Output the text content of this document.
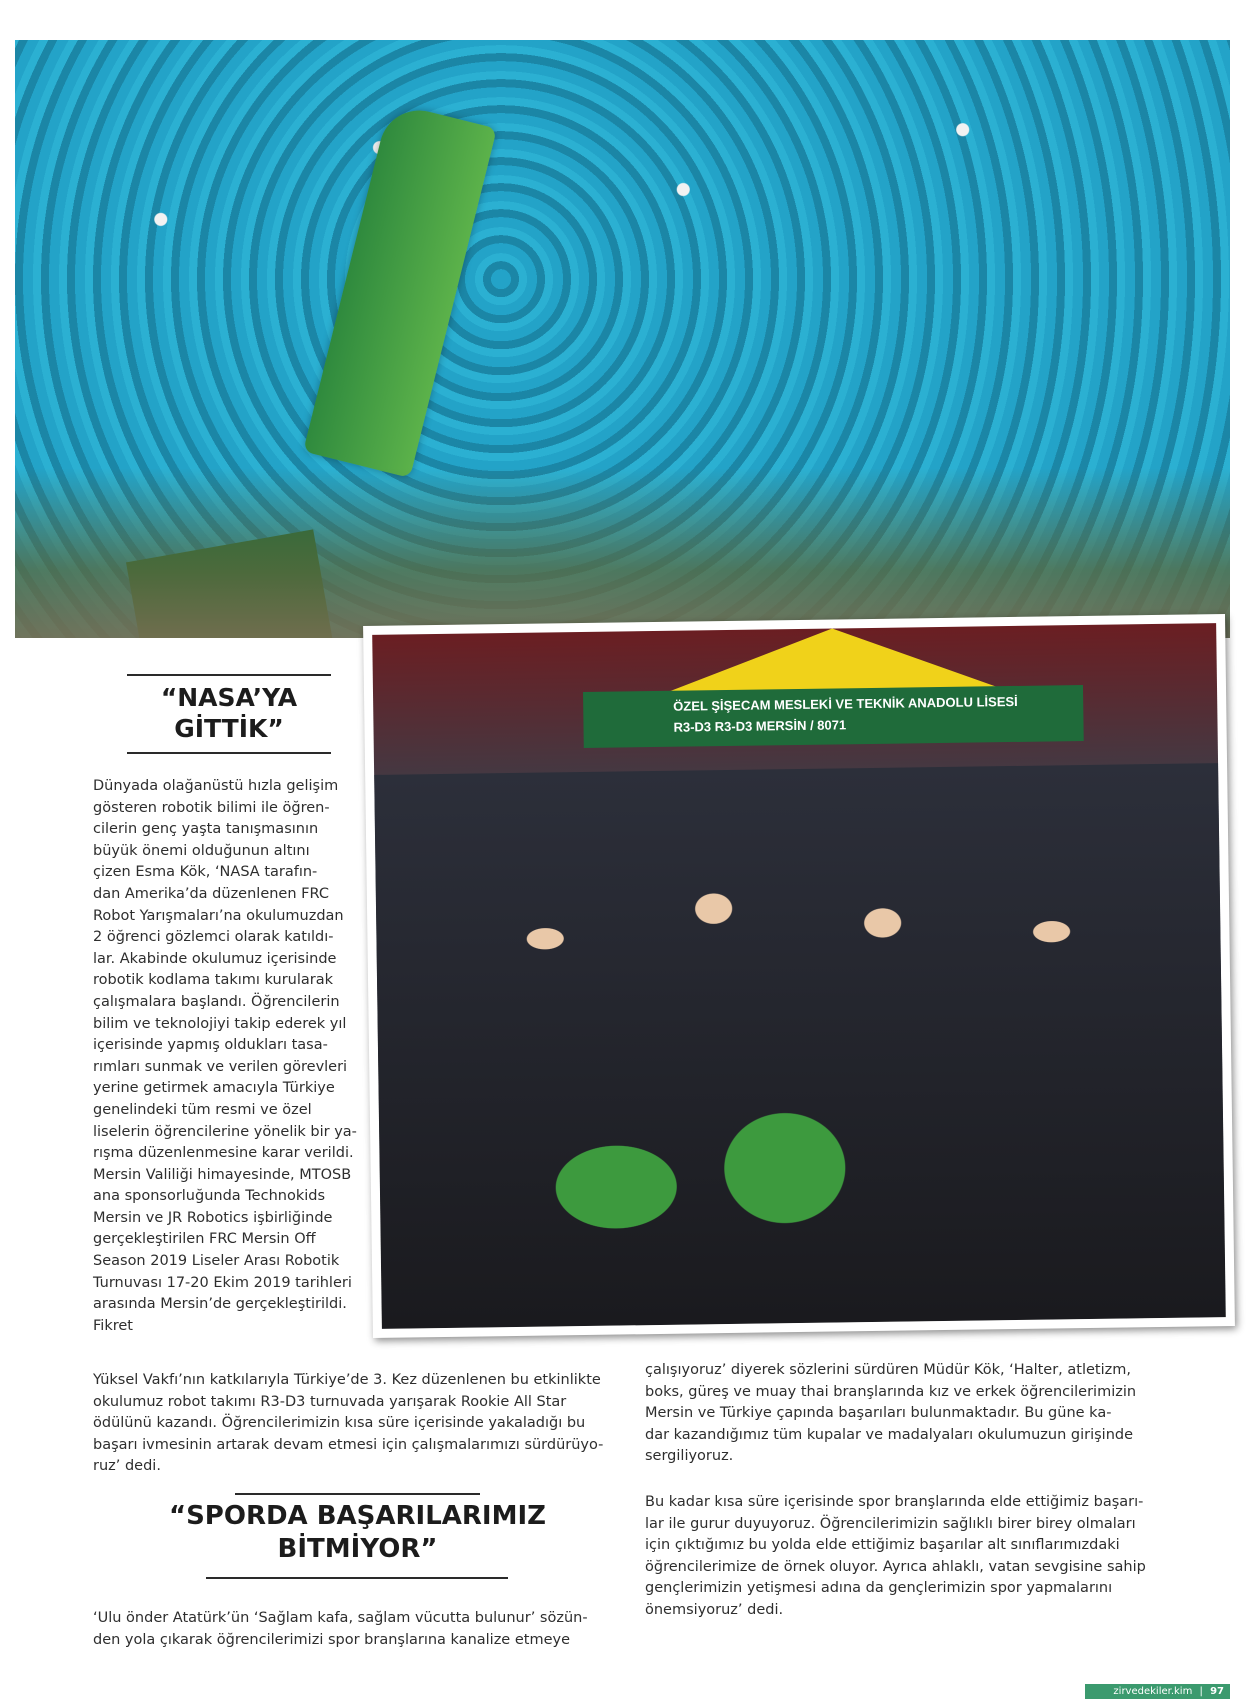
ÖZEL ŞİŞECAM MESLEKİ VE TEKNİK ANADOLU LİSESİ
R3-D3 R3-D3 MERSİN / 8071
“NASA’YA
GİTTİK”
Dünyada olağanüstü hızla gelişim
gösteren robotik bilimi ile öğren-
cilerin genç yaşta tanışmasının
büyük önemi olduğunun altını
çizen Esma Kök, ‘NASA tarafın-
dan Amerika’da düzenlenen FRC
Robot Yarışmaları’na okulumuzdan
2 öğrenci gözlemci olarak katıldı-
lar. Akabinde okulumuz içerisinde
robotik kodlama takımı kurularak
çalışmalara başlandı. Öğrencilerin
bilim ve teknolojiyi takip ederek yıl
içerisinde yapmış oldukları tasa-
rımları sunmak ve verilen görevleri
yerine getirmek amacıyla Türkiye
genelindeki tüm resmi ve özel
liselerin öğrencilerine yönelik bir ya-
rışma düzenlenmesine karar verildi.
Mersin Valiliği himayesinde, MTOSB
ana sponsorluğunda Technokids
Mersin ve JR Robotics işbirliğinde
gerçekleştirilen FRC Mersin Off
Season 2019 Liseler Arası Robotik
Turnuvası 17-20 Ekim 2019 tarihleri
arasında Mersin’de gerçekleştirildi.
Fikret
Yüksel Vakfı’nın katkılarıyla Türkiye’de 3. Kez düzenlenen bu etkinlikte
okulumuz robot takımı R3-D3 turnuvada yarışarak Rookie All Star
ödülünü kazandı. Öğrencilerimizin kısa süre içerisinde yakaladığı bu
başarı ivmesinin artarak devam etmesi için çalışmalarımızı sürdürüyo-
ruz’ dedi.
“SPORDA BAŞARILARIMIZ
BİTMİYOR”
‘Ulu önder Atatürk’ün ‘Sağlam kafa, sağlam vücutta bulunur’ sözün-
den yola çıkarak öğrencilerimizi spor branşlarına kanalize etmeye
çalışıyoruz’ diyerek sözlerini sürdüren Müdür Kök, ‘Halter, atletizm,
boks, güreş ve muay thai branşlarında kız ve erkek öğrencilerimizin
Mersin ve Türkiye çapında başarıları bulunmaktadır. Bu güne ka-
dar kazandığımız tüm kupalar ve madalyaları okulumuzun girişinde
sergiliyoruz.
Bu kadar kısa süre içerisinde spor branşlarında elde ettiğimiz başarı-
lar ile gurur duyuyoruz. Öğrencilerimizin sağlıklı birer birey olmaları
için çıktığımız bu yolda elde ettiğimiz başarılar alt sınıflarımızdaki
öğrencilerimize de örnek oluyor. Ayrıca ahlaklı, vatan sevgisine sahip
gençlerimizin yetişmesi adına da gençlerimizin spor yapmalarını
önemsiyoruz’ dedi.
zirvedekiler.kim | 97
